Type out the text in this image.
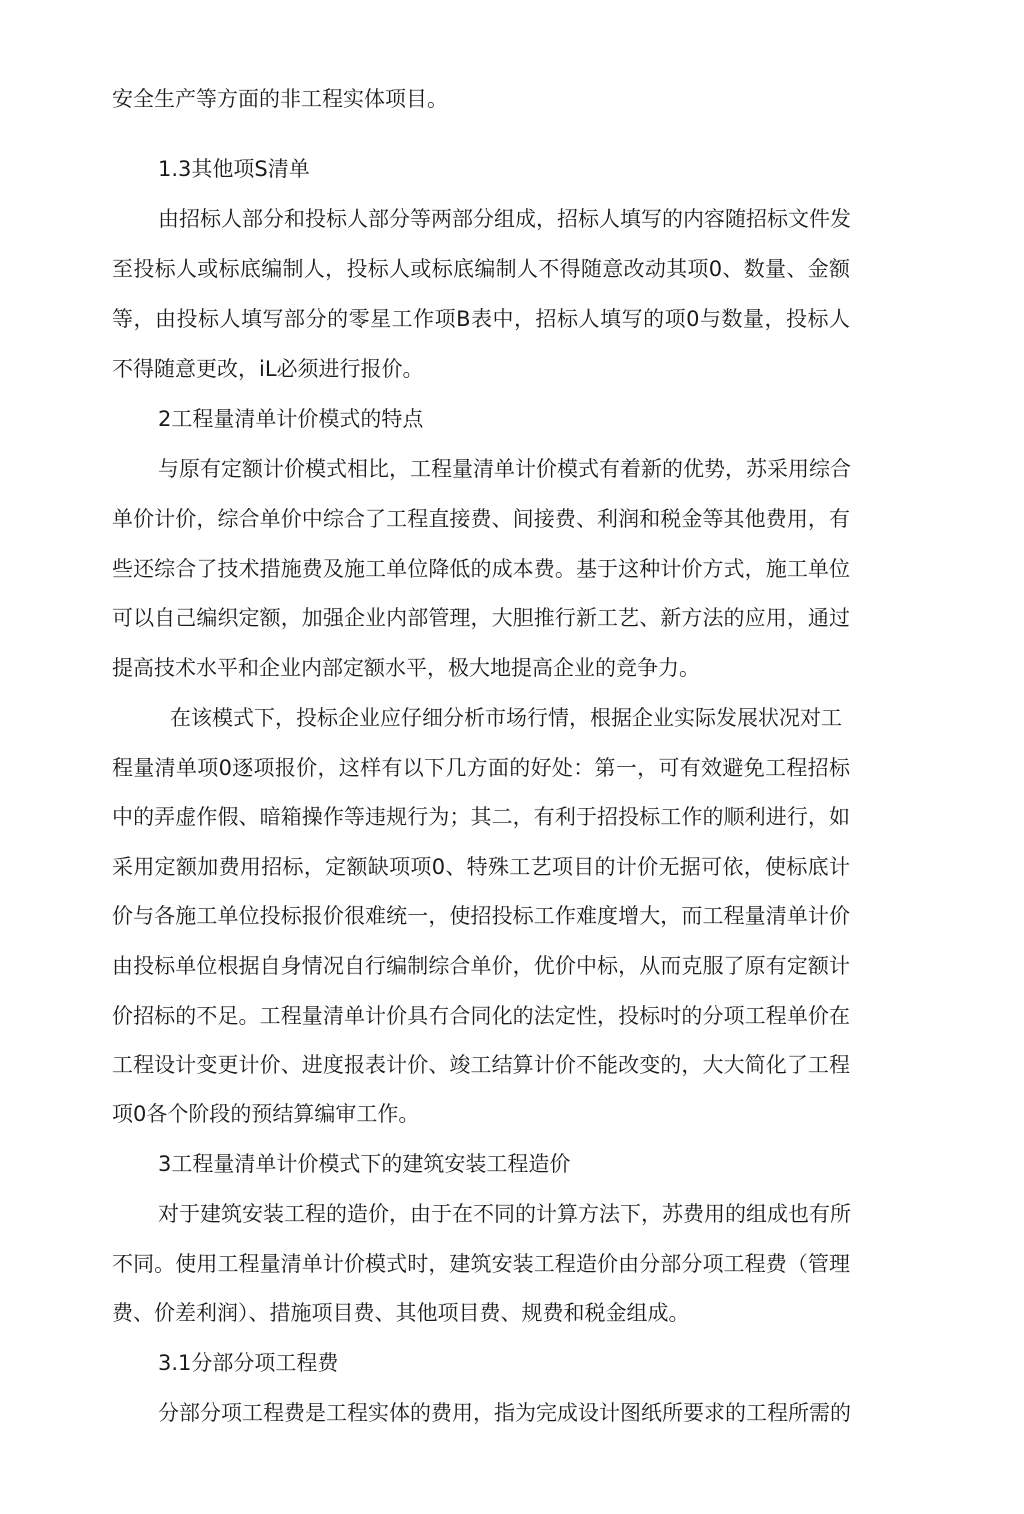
安全生产等方面的非工程实体项目。
1.3其他项S清单
由招标人部分和投标人部分等两部分组成，招标人填写的内容随招标文件发
至投标人或标底编制人，投标人或标底编制人不得随意改动其项0、数量、金额
等，由投标人填写部分的零星工作项B表中，招标人填写的项0与数量，投标人
不得随意更改，iL必须进行报价。
2工程量清单计价模式的特点
与原有定额计价模式相比，工程量清单计价模式有着新的优势，苏采用综合
单价计价，综合单价中综合了工程直接费、间接费、利润和税金等其他费用，有
些还综合了技术措施费及施工单位降低的成本费。基于这种计价方式，施工单位
可以自己编织定额，加强企业内部管理，大胆推行新工艺、新方法的应用，通过
提高技术水平和企业内部定额水平，极大地提高企业的竞争力。
在该模式下，投标企业应仔细分析市场行情，根据企业实际发展状况对工
程量清单项0逐项报价，这样有以下几方面的好处：第一，可有效避免工程招标
中的弄虚作假、暗箱操作等违规行为；其二，有利于招投标工作的顺利进行，如
采用定额加费用招标，定额缺项项0、特殊工艺项目的计价无据可依，使标底计
价与各施工单位投标报价很难统一，使招投标工作难度增大，而工程量清单计价
由投标单位根据自身情况自行编制综合单价，优价中标，从而克服了原有定额计
价招标的不足。工程量清单计价具冇合同化的法定性，投标吋的分项工程单价在
工程设计变更计价、进度报表计价、竣工结算计价不能改变的，大大简化了工程
项0各个阶段的预结算编审工作。
3工程量清单计价模式下的建筑安装工程造价
对于建筑安装工程的造价，由于在不同的计算方法下，苏费用的组成也有所
不同。使用工程量清单计价模式时，建筑安装工程造价由分部分项工程费（管理
费、价差利润）、措施项目费、其他项目费、规费和税金组成。
3.1分部分项工程费
分部分项工程费是工程实体的费用，指为完成设计图纸所要求的工程所需的
